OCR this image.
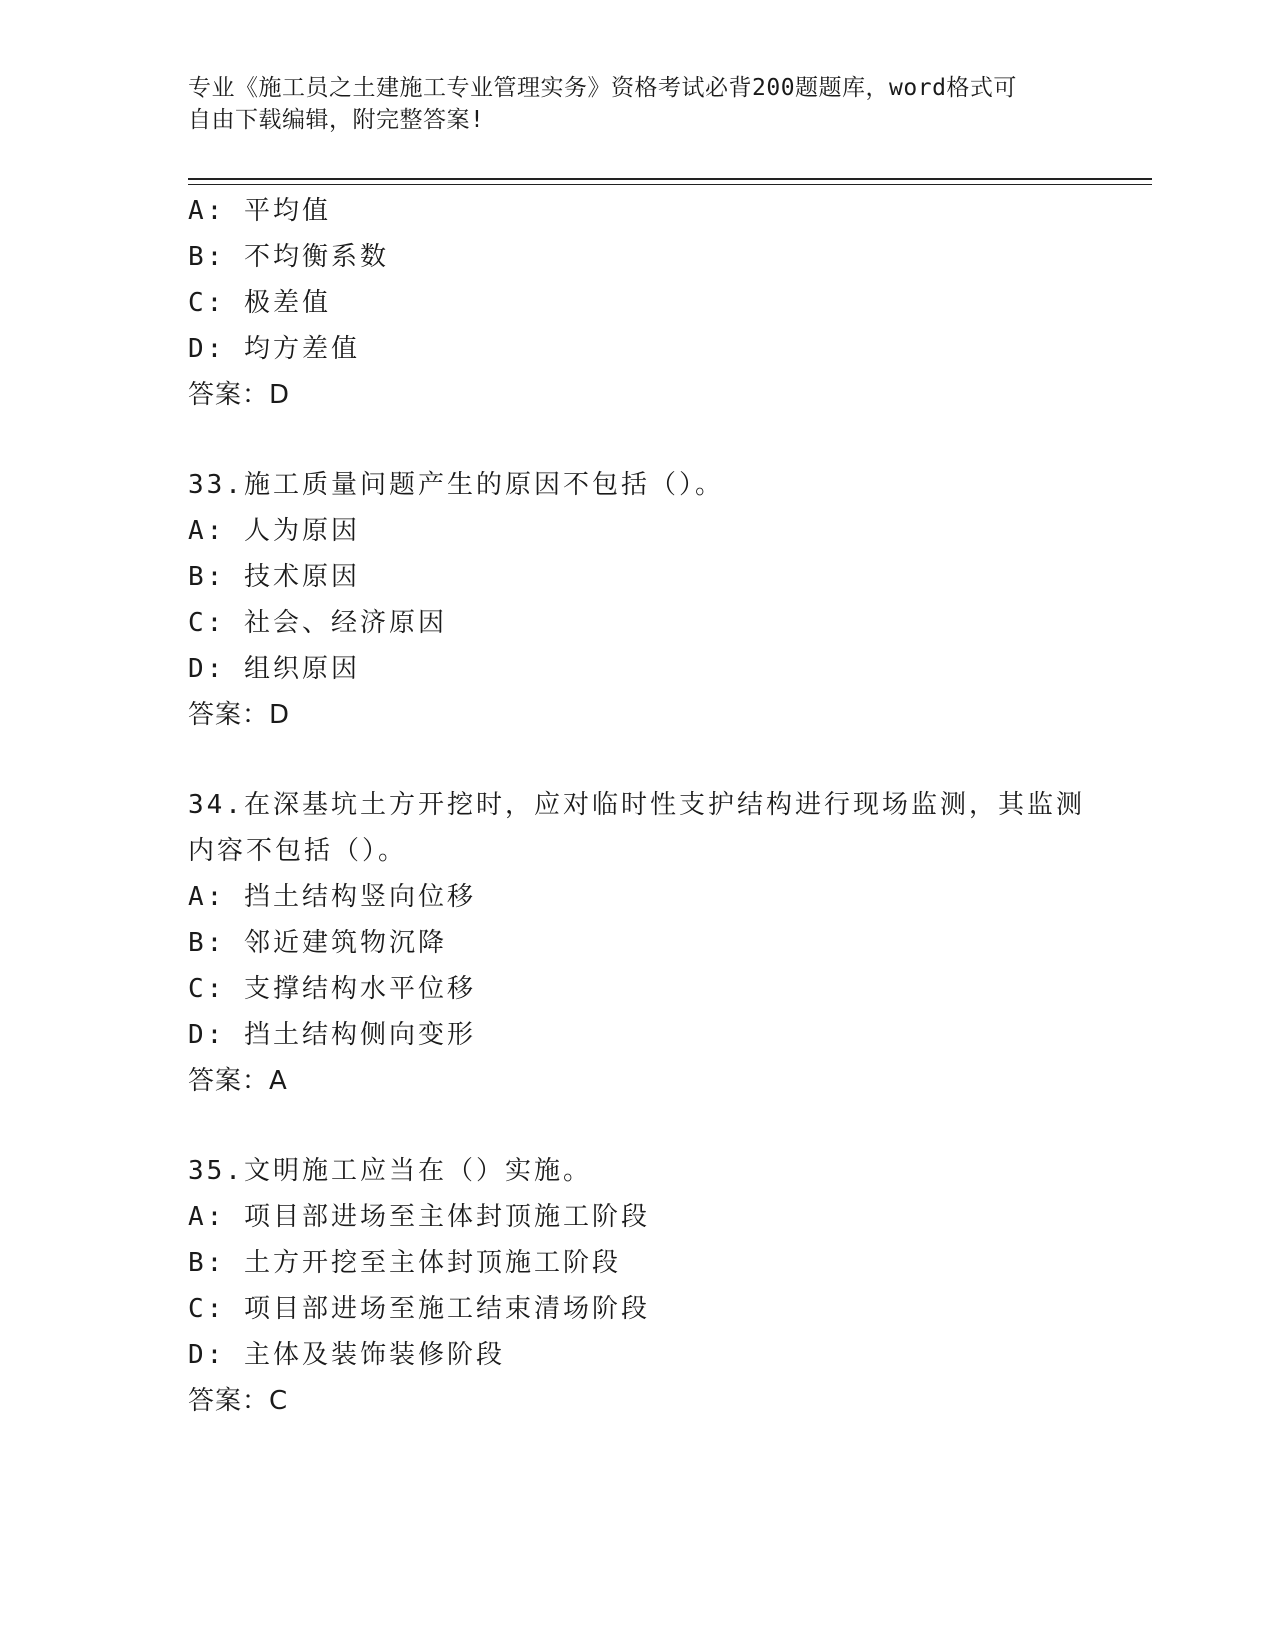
专业《施工员之土建施工专业管理实务》资格考试必背200题题库，word格式可
自由下载编辑，附完整答案!
A: 平均值
B: 不均衡系数
C: 极差值
D: 均方差值
答案：D
33.施工质量问题产生的原因不包括（）。
A: 人为原因
B: 技术原因
C: 社会、经济原因
D: 组织原因
答案：D
34.在深基坑土方开挖时，应对临时性支护结构进行现场监测，其监测
内容不包括（）。
A: 挡土结构竖向位移
B: 邻近建筑物沉降
C: 支撑结构水平位移
D: 挡土结构侧向变形
答案：A
35.文明施工应当在（）实施。
A: 项目部进场至主体封顶施工阶段
B: 土方开挖至主体封顶施工阶段
C: 项目部进场至施工结束清场阶段
D: 主体及装饰装修阶段
答案：C
